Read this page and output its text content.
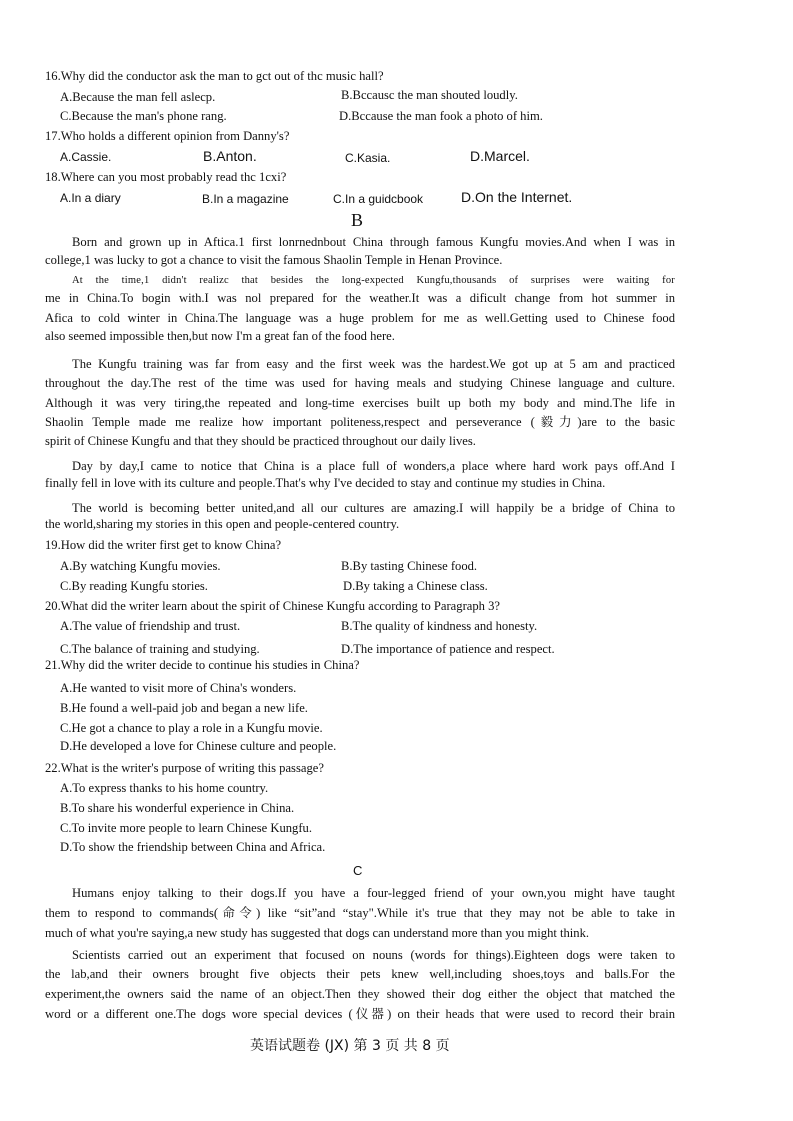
16.Why did the conductor ask the man to gct out of thc music hall?
A.Because the man fell aslecp.	B.Bccausc the man shouted loudly.
C.Because the man's phone rang.	D.Bccause the man fook a photo of him.
17.Who holds a different opinion from Danny's?
A.Cassie.	B.Anton.	C.Kasia.	D.Marcel.
18.Where can you most probably read thc 1cxi?
A.In a diary	B.In a magazine	C.In a guidcbook	D.On the Internet.
B
Born and grown up in Aftica.1 first lonrnednbout China through famous Kungfu movies.And when I was in
college,1 was lucky to got a chance to visit the famous Shaolin Temple in Henan Province.
At the time,1 didn't realizc that besides the long-expected Kungfu,thousands of surprises were waiting for
me in China.To bogin with.I was nol prepared for the weather.It was a dificult change from hot summer in
Afica to cold winter in China.The language was a huge problem for me as well.Getting used to Chinese food
also seemed impossible then,but now I'm a great fan of the food here.
The Kungfu training was far from easy and the first week was the hardest.We got up at 5 am and practiced
throughout the day.The rest of the time was used for having meals and studying Chinese language and culture.
Although it was very tiring,the repeated and long-time exercises built up both my body and mind.The life in
Shaolin Temple made me realize how important politeness,respect and perseverance (毅力)are to the basic
spirit of Chinese Kungfu and that they should be practiced throughout our daily lives.
Day by day,I came to notice that China is a place full of wonders,a place where hard work pays off.And I
finally fell in love with its culture and people.That's why I've decided to stay and continue my studies in China.
The world is becoming better united,and all our cultures are amazing.I will happily be a bridge of China to
the world,sharing my stories in this open and people-centered country.
19.How did the writer first get to know China?
A.By watching Kungfu movies.	B.By tasting Chinese food.
C.By reading Kungfu stories.	D.By taking a Chinese class.
20.What did the writer learn about the spirit of Chinese Kungfu according to Paragraph 3?
A.The value of friendship and trust.	B.The quality of kindness and honesty.
C.The balance of training and studying.	D.The importance of patience and respect.
21.Why did the writer decide to continue his studies in China?
A.He wanted to visit more of China's wonders.
B.He found a well-paid job and began a new life.
C.He got a chance to play a role in a Kungfu movie.
D.He developed a love for Chinese culture and people.
22.What is the writer's purpose of writing this passage?
A.To express thanks to his home country.
B.To share his wonderful experience in China.
C.To invite more people to learn Chinese Kungfu.
D.To show the friendship between China and Africa.
C
Humans enjoy talking to their dogs.If you have a four-legged friend of your own,you might have taught
them to respond to commands(命令) like “sit”and “stay".While it's true that they may not be able to take in
much of what you're saying,a new study has suggested that dogs can understand more than you might think.
Scientists carried out an experiment that focused on nouns (words for things).Eighteen dogs were taken to
the lab,and their owners brought five objects their pets knew well,including shoes,toys and balls.For the
experiment,the owners said the name of an object.Then they showed their dog either the object that matched the
word or a different one.The dogs wore special devices (仪器) on their heads that were used to record their brain
英语试题卷 (JX) 第 3 页 共 8 页
